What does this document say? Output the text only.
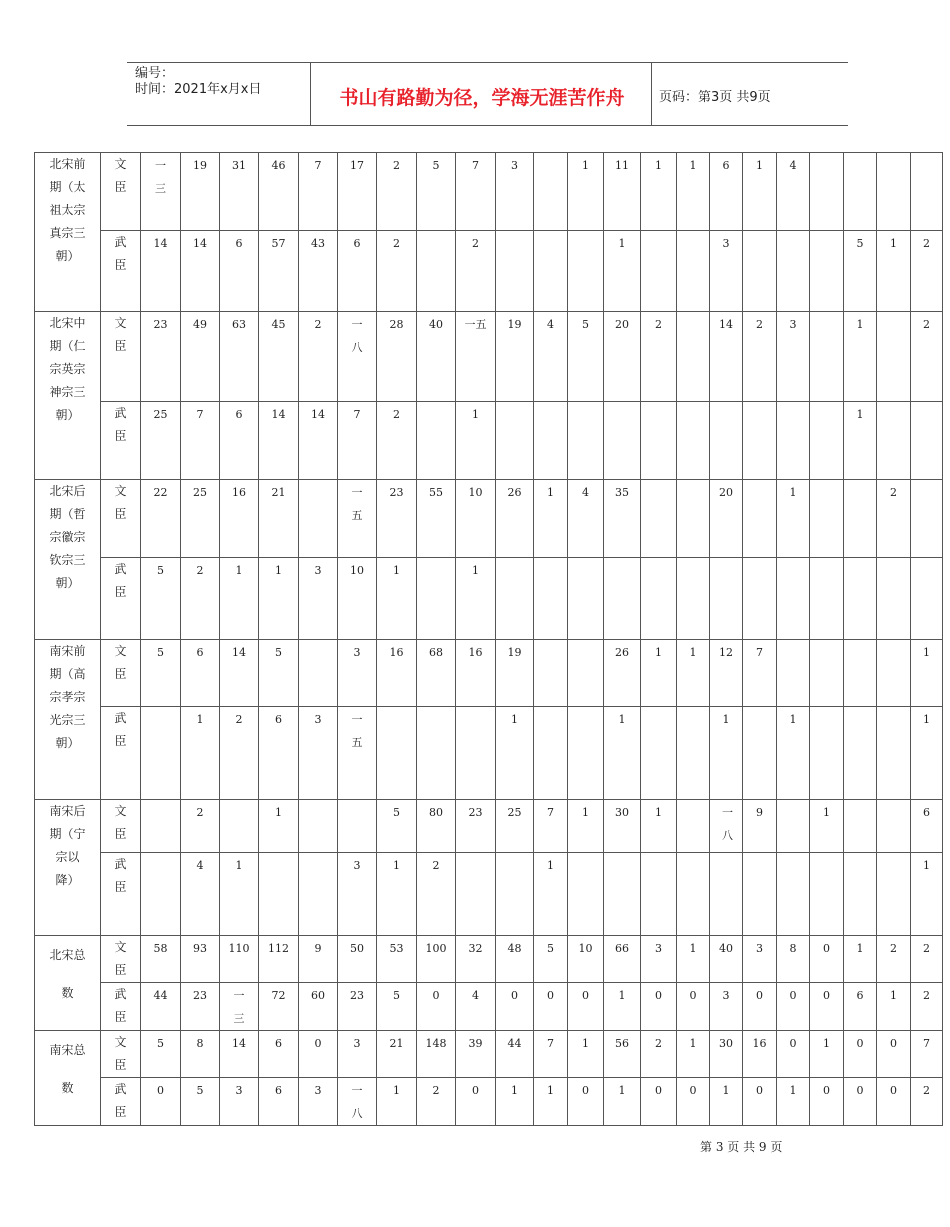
编号：
时间：2021年x月x日	书山有路勤为径，学海无涯苦作舟	页码：第3页 共9页
北宋前期（太祖太宗真宗三朝）	文臣	一三	19	31	46	7	17	2	5	7	3		1	11	1	1	6	1	4				
	武臣	14	14	6	57	43	6	2		2				1			3				5	1	2
北宋中期（仁宗英宗神宗三朝）	文臣	23	49	63	45	2	一八	28	40	一五	19	4	5	20	2		14	2	3		1		2
	武臣	25	7	6	14	14	7	2		1											1		
北宋后期（哲宗徽宗钦宗三朝）	文臣	22	25	16	21		一五	23	55	10	26	1	4	35			20		1			2	
	武臣	5	2	1	1	3	10	1		1													
南宋前期（高宗孝宗光宗三朝）	文臣	5	6	14	5		3	16	68	16	19			26	1	1	12	7					1
	武臣		1	2	6	3	一五				1			1			1		1				1
南宋后期（宁宗以降）	文臣		2		1			5	80	23	25	7	1	30	1		一八	9		1			6
	武臣		4	1			3	1	2			1											1
北宋总数	文臣	58	93	110	112	9	50	53	100	32	48	5	10	66	3	1	40	3	8	0	1	2	2
	武臣	44	23	一三	72	60	23	5	0	4	0	0	0	1	0	0	3	0	0	0	6	1	2
南宋总数	文臣	5	8	14	6	0	3	21	148	39	44	7	1	56	2	1	30	16	0	1	0	0	7
	武臣	0	5	3	6	3	一八	1	2	0	1	1	0	1	0	0	1	0	1	0	0	0	2
第 3 页 共 9 页
